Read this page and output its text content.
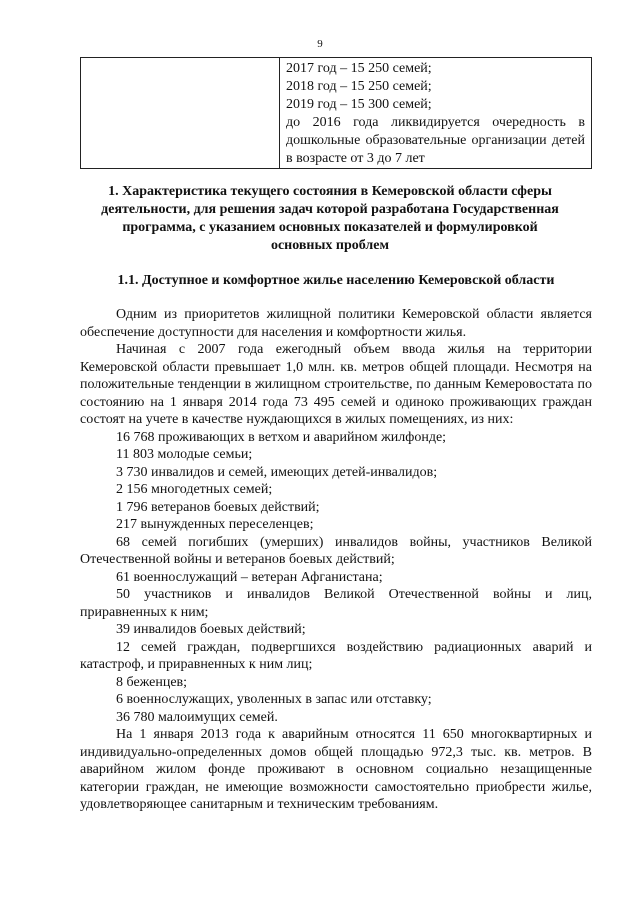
9

2017 год – 15 250 семей;
2018 год – 15 250 семей;
2019 год – 15 300 семей;
до 2016 года ликвидируется очередность в дошкольные образовательные организации детей в возрасте от 3 до 7 лет
1. Характеристика текущего состояния в Кемеровской области сферы деятельности, для решения задач которой разработана Государственная программа, с указанием основных показателей и формулировкой основных проблем
1.1. Доступное и комфортное жилье населению Кемеровской области

Одним из приоритетов жилищной политики Кемеровской области является обеспечение доступности для населения и комфортности жилья.

Начиная с 2007 года ежегодный объем ввода жилья на территории Кемеровской области превышает 1,0 млн. кв. метров общей площади. Несмотря на положительные тенденции в жилищном строительстве, по данным Кемеровостата по состоянию на 1 января 2014 года 73 495 семей и одиноко проживающих граждан состоят на учете в качестве нуждающихся в жилых помещениях, из них:

16 768 проживающих в ветхом и аварийном жилфонде;

11 803 молодые семьи;

3 730 инвалидов и семей, имеющих детей-инвалидов;

2 156 многодетных семей;

1 796 ветеранов боевых действий;

217 вынужденных переселенцев;

68 семей погибших (умерших) инвалидов войны, участников Великой Отечественной войны и ветеранов боевых действий;

61 военнослужащий – ветеран Афганистана;

50 участников и инвалидов Великой Отечественной войны и лиц, приравненных к ним;

39 инвалидов боевых действий;

12 семей граждан, подвергшихся воздействию радиационных аварий и катастроф, и приравненных к ним лиц;

8 беженцев;

6 военнослужащих, уволенных в запас или отставку;

36 780 малоимущих семей.

На 1 января 2013 года к аварийным относятся 11 650 многоквартирных и индивидуально-определенных домов общей площадью 972,3 тыс. кв. метров. В аварийном жилом фонде проживают в основном социально незащищенные категории граждан, не имеющие возможности самостоятельно приобрести жилье, удовлетворяющее санитарным и техническим требованиям.
